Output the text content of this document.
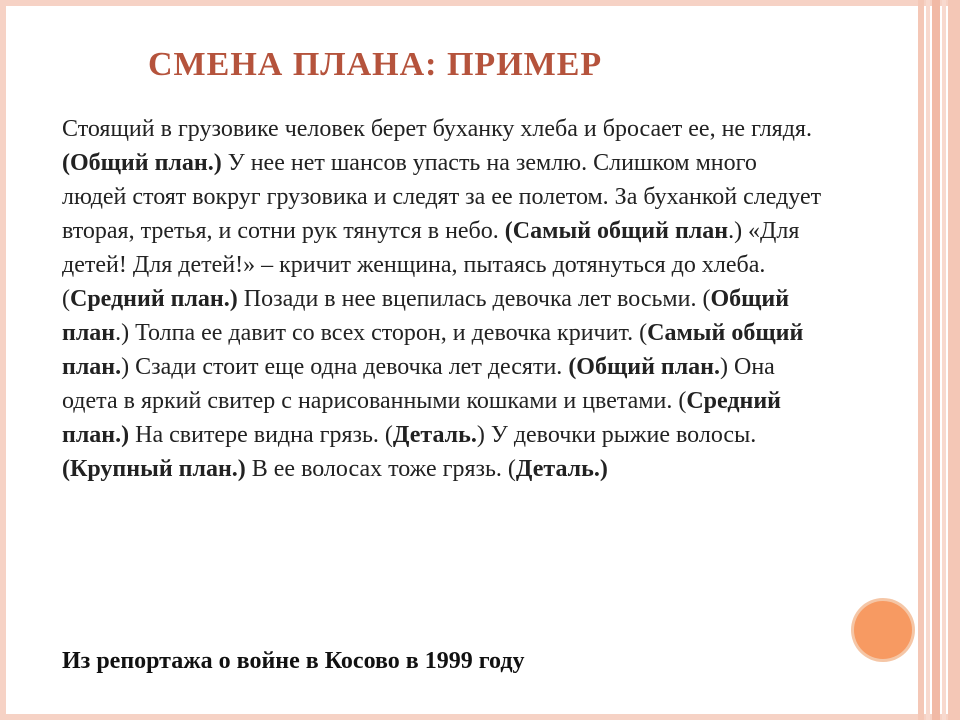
СМЕНА ПЛАНА: ПРИМЕР
Стоящий в грузовике человек берет буханку хлеба и бросает ее, не глядя. (Общий план.) У нее нет шансов упасть на землю. Слишком много людей стоят вокруг грузовика и следят за ее полетом. За буханкой следует вторая, третья, и сотни рук тянутся в небо. (Самый общий план.) «Для детей! Для детей!» – кричит женщина, пытаясь дотянуться до хлеба. (Средний план.) Позади в нее вцепилась девочка лет восьми. (Общий план.) Толпа ее давит со всех сторон, и девочка кричит. (Самый общий план.) Сзади стоит еще одна девочка лет десяти. (Общий план.) Она одета в яркий свитер с нарисованными кошками и цветами. (Средний план.) На свитере видна грязь. (Деталь.) У девочки рыжие волосы. (Крупный план.) В ее волосах тоже грязь. (Деталь.)
Из репортажа о войне в Косово в 1999 году
